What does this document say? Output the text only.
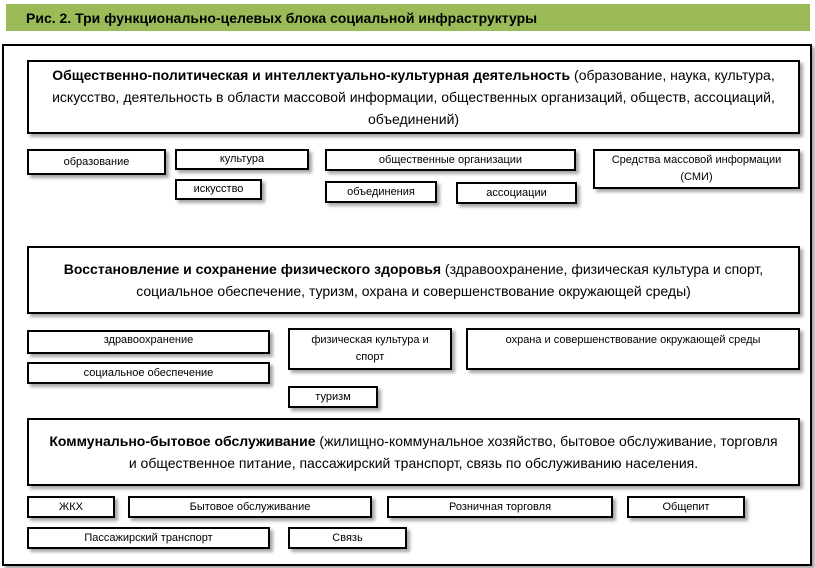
Рис. 2. Три функционально-целевых блока социальной инфраструктуры
Общественно-политическая и интеллектуально-культурная деятельность (образование, наука, культура, искусство, деятельность в области массовой информации, общественных организаций, обществ, ассоциаций, объединений)
образование	культура
искусство
общественные организации
объединения	ассоциации
Средства массовой информации (СМИ)
Восстановление и сохранение физического здоровья (здравоохранение, физическая культура и спорт, социальное обеспечение, туризм, охрана и совершенствование окружающей среды)
здравоохранение
социальное обеспечение
физическая культура и спорт
туризм
охрана и совершенствование окружающей среды
Коммунально-бытовое обслуживание (жилищно-коммунальное хозяйство, бытовое обслуживание, торговля и общественное питание, пассажирский транспорт, связь по обслуживанию населения.
ЖКХ	Бытовое обслуживание	Розничная торговля	Общепит
Пассажирский транспорт	Связь
